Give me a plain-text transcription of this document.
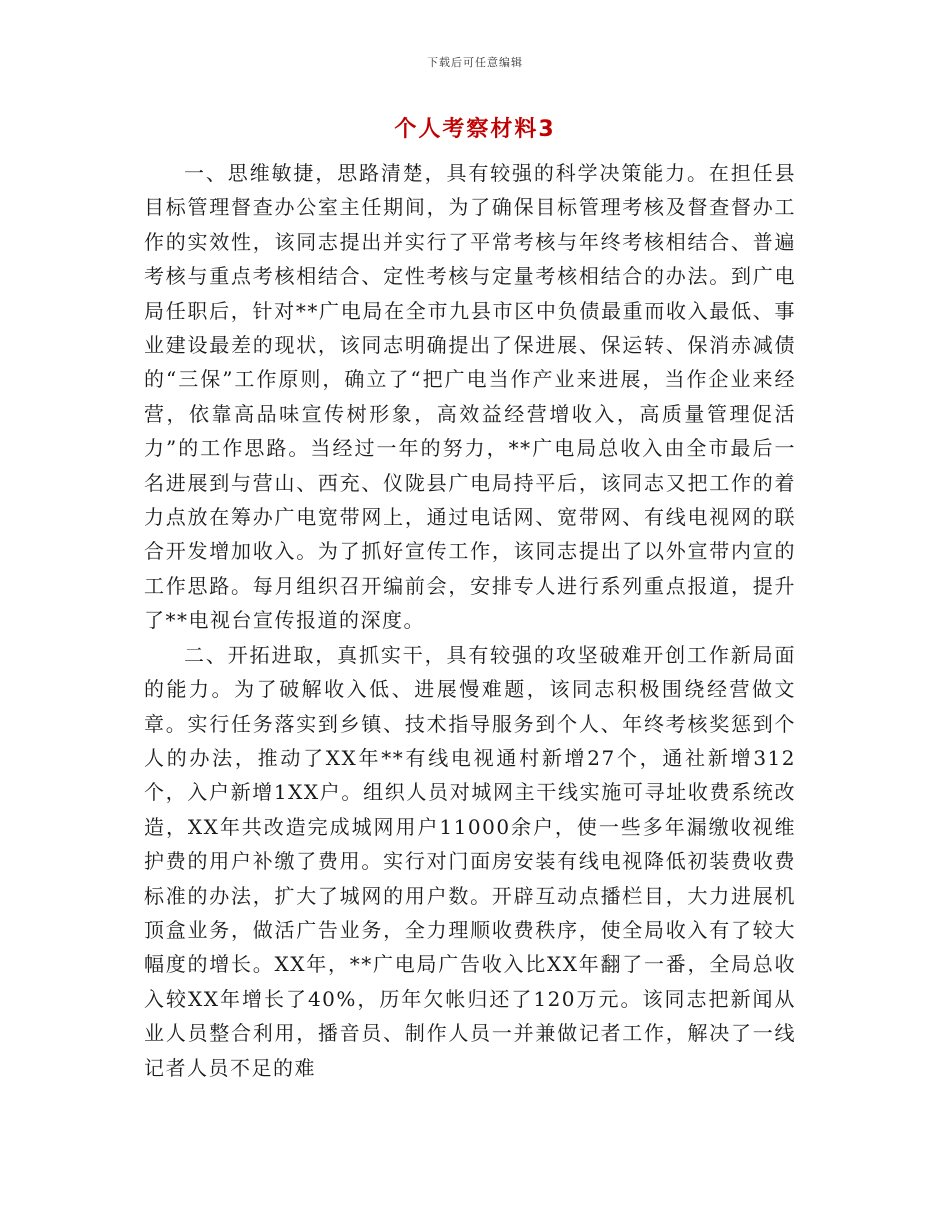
下载后可任意编辑
个人考察材料3

一、思维敏捷，思路清楚，具有较强的科学决策能力。在担任县目标管理督查办公室主任期间，为了确保目标管理考核及督查督办工作的实效性，该同志提出并实行了平常考核与年终考核相结合、普遍考核与重点考核相结合、定性考核与定量考核相结合的办法。到广电局任职后，针对**广电局在全市九县市区中负债最重而收入最低、事业建设最差的现状，该同志明确提出了保进展、保运转、保消赤减债的“三保”工作原则，确立了“把广电当作产业来进展，当作企业来经营，依靠高品味宣传树形象，高效益经营增收入，高质量管理促活力”的工作思路。当经过一年的努力，**广电局总收入由全市最后一名进展到与营山、西充、仪陇县广电局持平后，该同志又把工作的着力点放在筹办广电宽带网上，通过电话网、宽带网、有线电视网的联合开发增加收入。为了抓好宣传工作，该同志提出了以外宣带内宣的工作思路。每月组织召开编前会，安排专人进行系列重点报道，提升了**电视台宣传报道的深度。

二、开拓进取，真抓实干，具有较强的攻坚破难开创工作新局面的能力。为了破解收入低、进展慢难题，该同志积极围绕经营做文章。实行任务落实到乡镇、技术指导服务到个人、年终考核奖惩到个人的办法，推动了XX年**有线电视通村新增27个，通社新增312个，入户新增1XX户。组织人员对城网主干线实施可寻址收费系统改造，XX年共改造完成城网用户11000余户，使一些多年漏缴收视维护费的用户补缴了费用。实行对门面房安装有线电视降低初装费收费标准的办法，扩大了城网的用户数。开辟互动点播栏目，大力进展机顶盒业务，做活广告业务，全力理顺收费秩序，使全局收入有了较大幅度的增长。XX年，**广电局广告收入比XX年翻了一番，全局总收入较XX年增长了40%，历年欠帐归还了120万元。该同志把新闻从业人员整合利用，播音员、制作人员一并兼做记者工作，解决了一线记者人员不足的难
